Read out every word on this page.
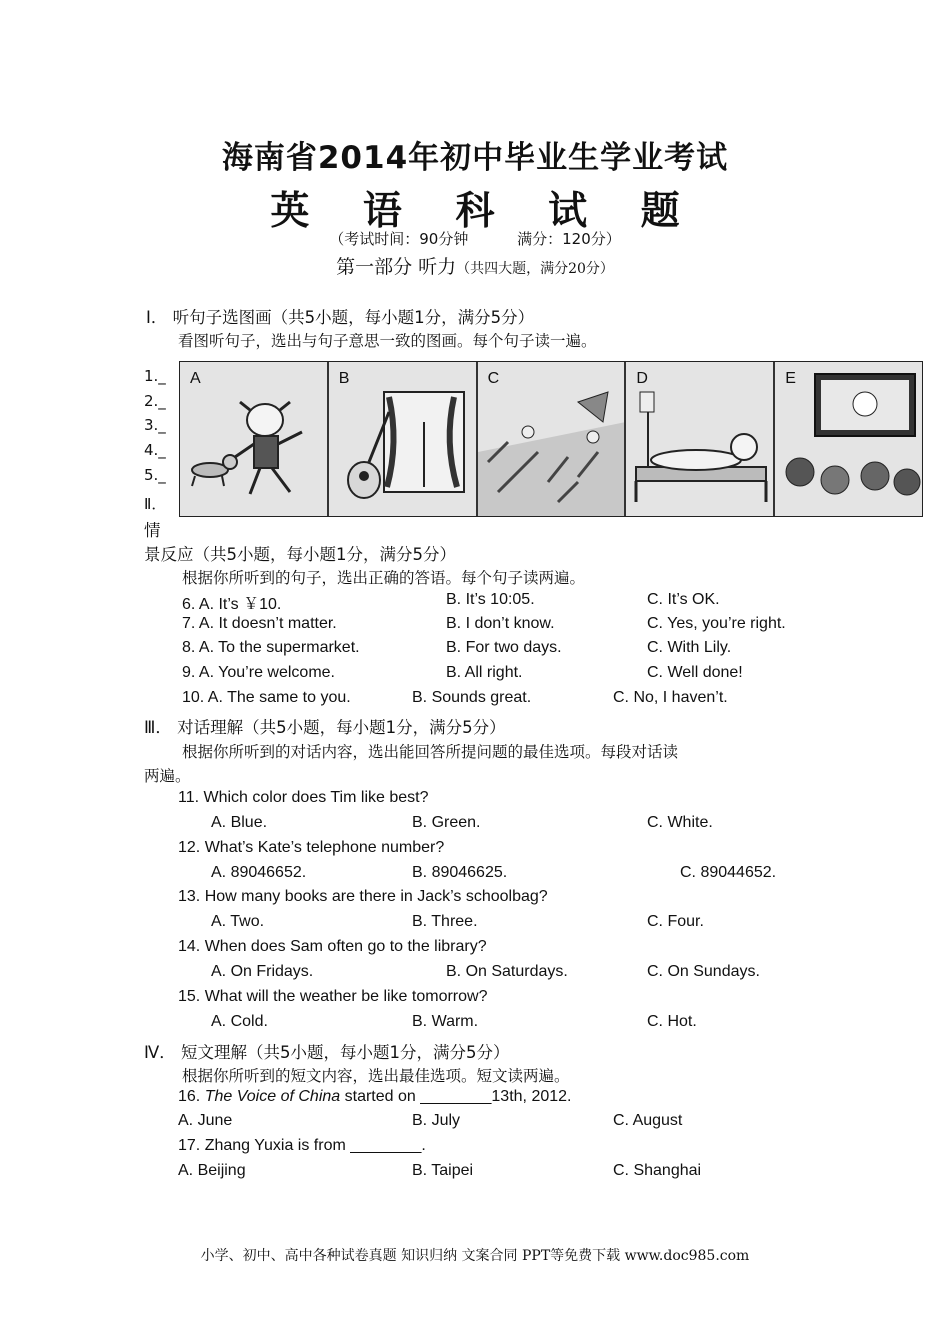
海南省2014年初中毕业生学业考试
英 语 科 试 题
（考试时间：90分钟	满分：120分）
第一部分 听力（共四大题，满分20分）
Ⅰ． 听句子选图画（共5小题，每小题1分，满分5分）
看图听句子，选出与句子意思一致的图画。每个句子读一遍。
1._
2._
3._
4._
5._
A	B	C	D	E
Ⅱ．
情
景反应（共5小题，每小题1分，满分5分）
根据你所听到的句子，选出正确的答语。每个句子读两遍。
6. A. It’s ￥10.	B. It’s 10:05.	C. It’s OK.
7. A. It doesn’t matter.	B. I don’t know.	C. Yes, you’re right.
8. A. To the supermarket.	B. For two days.	C. With Lily.
9. A. You’re welcome.	B. All right.	C. Well done!
10. A. The same to you.	B. Sounds great.	C. No, I haven’t.
Ⅲ． 对话理解（共5小题，每小题1分，满分5分）
根据你所听到的对话内容，选出能回答所提问题的最佳选项。每段对话读
两遍。
11. Which color does Tim like best?
A. Blue.	B. Green.	C. White.
12. What’s Kate’s telephone number?
A. 89046652.	B. 89046625.	C. 89044652.
13. How many books are there in Jack’s schoolbag?
A. Two.	B. Three.	C. Four.
14. When does Sam often go to the library?
A. On Fridays.	B. On Saturdays.	C. On Sundays.
15. What will the weather be like tomorrow?
A. Cold.	B. Warm.	C. Hot.
Ⅳ． 短文理解（共5小题，每小题1分，满分5分）
根据你所听到的短文内容，选出最佳选项。短文读两遍。
16. The Voice of China started on ________13th, 2012.
A. June	B. July	C. August
17. Zhang Yuxia is from ________.
A. Beijing	B. Taipei	C. Shanghai
小学、初中、高中各种试卷真题 知识归纳 文案合同 PPT等免费下载 www.doc985.com
